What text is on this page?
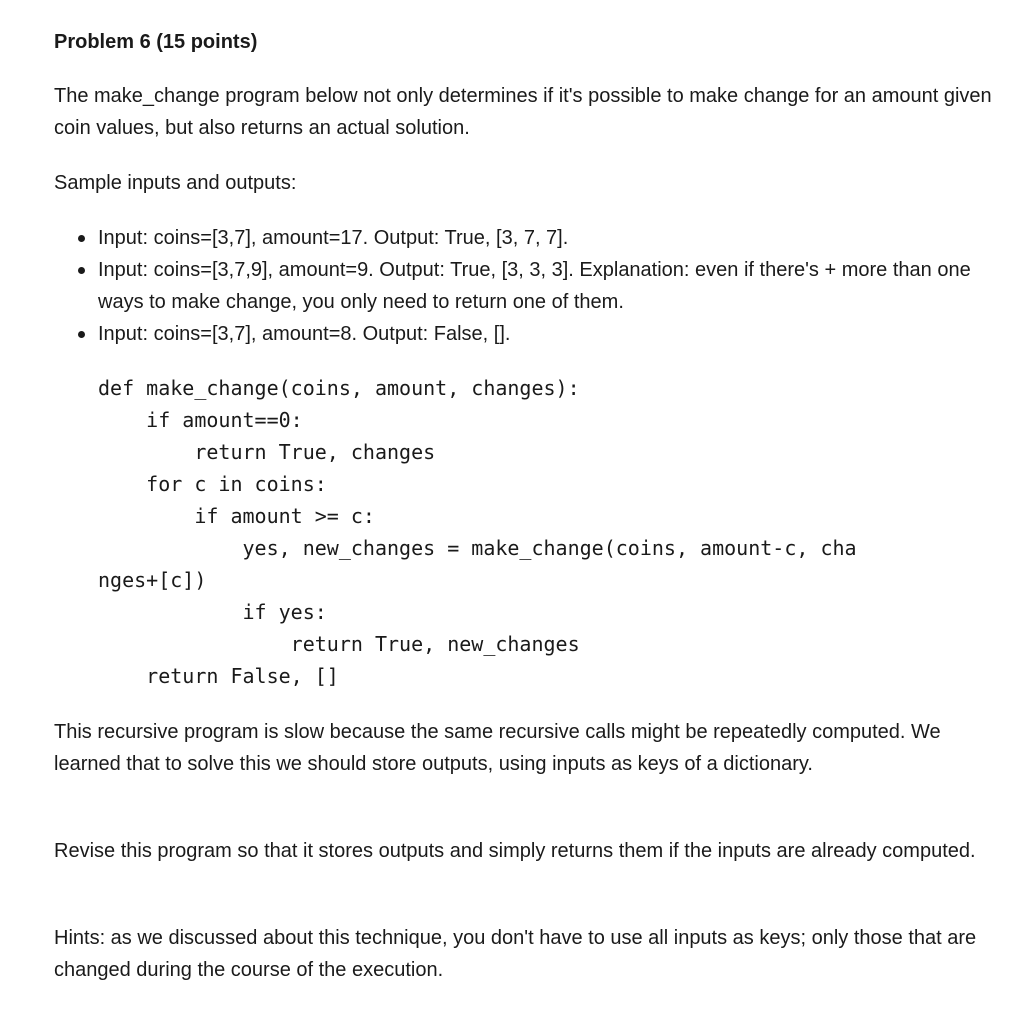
Problem 6 (15 points)

The make_change program below not only determines if it's possible to make change for an amount given coin values, but also returns an actual solution.

Sample inputs and outputs:

Input: coins=[3,7], amount=17. Output: True, [3, 7, 7].
Input: coins=[3,7,9], amount=9. Output: True, [3, 3, 3]. Explanation: even if there's + more than one ways to make change, you only need to return one of them.
Input: coins=[3,7], amount=8. Output: False, [].
def make_change(coins, amount, changes):
if amount==0:
return True, changes
for c in coins:
if amount >= c:
yes, new_changes = make_change(coins, amount-c, cha
nges+[c])
if yes:
return True, new_changes
return False, []

This recursive program is slow because the same recursive calls might be repeatedly computed. We learned that to solve this we should store outputs, using inputs as keys of a dictionary.

Revise this program so that it stores outputs and simply returns them if the inputs are already computed.

Hints: as we discussed about this technique, you don't have to use all inputs as keys; only those that are changed during the course of the execution.
